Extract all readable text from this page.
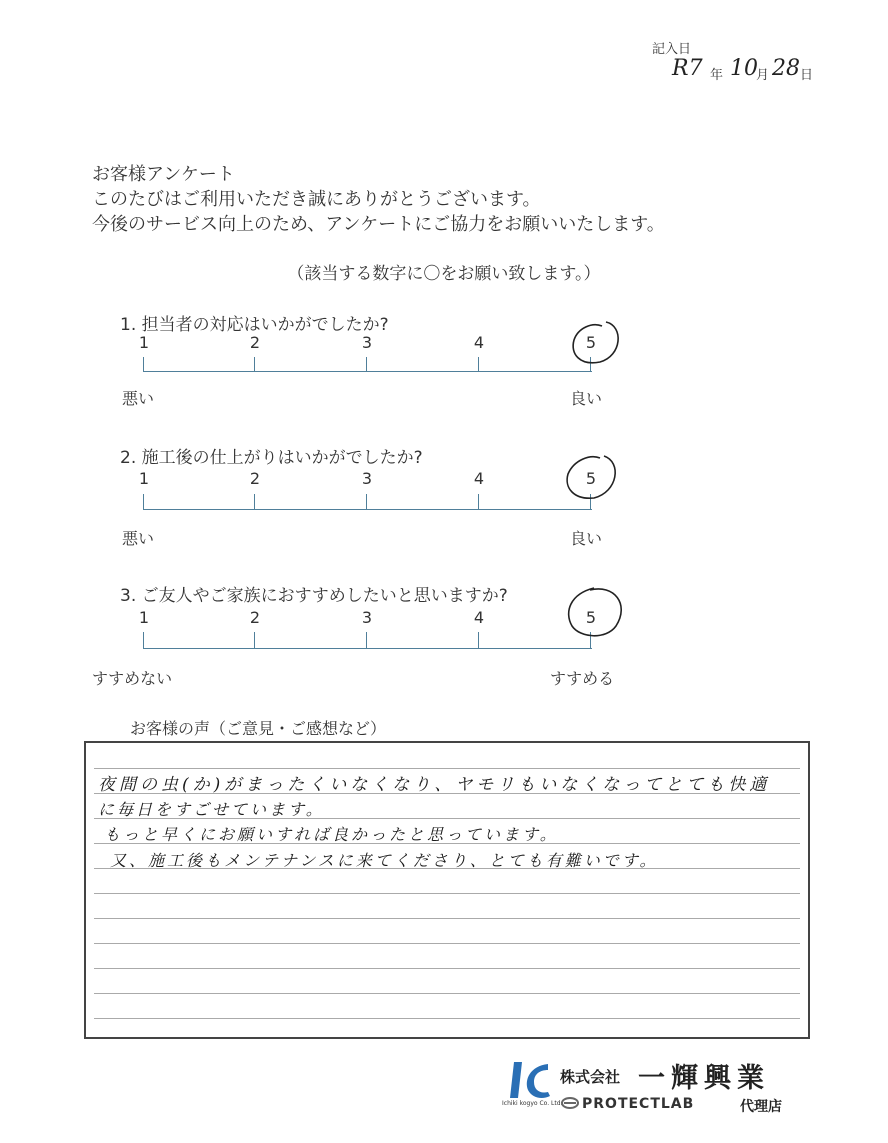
記入日
R7 年 10
月 28 日
お客様アンケート
このたびはご利用いただき誠にありがとうございます。
今後のサービス向上のため、アンケートにご協力をお願いいたします。
（該当する数字に〇をお願い致します。）
1. 担当者の対応はいかがでしたか?
1	2	3	4	5
悪い	良い
2. 施工後の仕上がりはいかがでしたか?
1	2	3	4	5
悪い	良い
3. ご友人やご家族におすすめしたいと思いますか?
1	2	3	4	5
すすめない	すすめる
お客様の声（ご意見・ご感想など）
夜間の虫(か)がまったくいなくなり、ヤモリもいなくなってとても快適
に毎日をすごせています。
もっと早くにお願いすれば良かったと思っています。
又、施工後もメンテナンスに来てくださり、とても有難いです。
Ichiki kogyo Co. Ltd.
株式会社 一輝興業
PROTECTLAB	代理店
